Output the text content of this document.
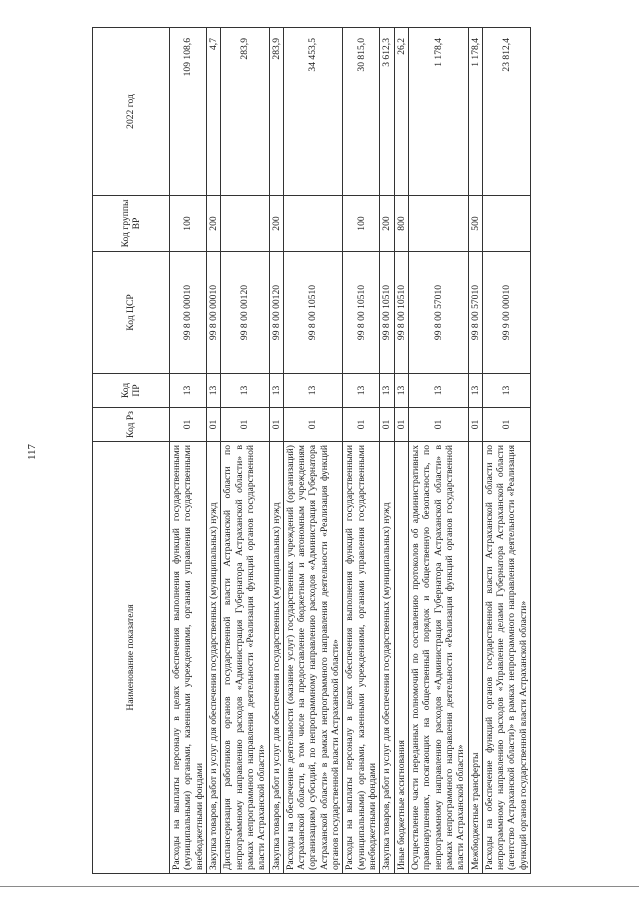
117
Наименование показателя	Код Рз	Код ПР	Код ЦСР	Код группы ВР	2022 год
Расходы на выплаты персоналу в целях обеспечения выполнения функций государственными (муниципальными) органами, казенными учреждениями, органами управления государственными внебюджетными фондами	01	13	99 8 00 00010	100	109 108,6
Закупка товаров, работ и услуг для обеспечения государственных (муниципальных) нужд	01	13	99 8 00 00010	200	4,7
Диспансеризация работников органов государственной власти Астраханской области по непрограммному направлению расходов «Администрация Губернатора Астраханской области» в рамках непрограммного направления деятельности «Реализация функций органов государственной власти Астраханской области»	01	13	99 8 00 00120		283,9
Закупка товаров, работ и услуг для обеспечения государственных (муниципальных) нужд	01	13	99 8 00 00120	200	283,9
Расходы на обеспечение деятельности (оказание услуг) государственных учреждений (организаций) Астраханской области, в том числе на предоставление бюджетным и автономным учреждениям (организациям) субсидий, по непрограммному направлению расходов «Администрация Губернатора Астраханской области» в рамках непрограммного направления деятельности «Реализация функций органов государственной власти Астраханской области»	01	13	99 8 00 10510		34 453,5
Расходы на выплаты персоналу в целях обеспечения выполнения функций государственными (муниципальными) органами, казенными учреждениями, органами управления государственными внебюджетными фондами	01	13	99 8 00 10510	100	30 815,0
Закупка товаров, работ и услуг для обеспечения государственных (муниципальных) нужд	01	13	99 8 00 10510	200	3 612,3
Иные бюджетные ассигнования	01	13	99 8 00 10510	800	26,2
Осуществление части переданных полномочий по составлению протоколов об административных правонарушениях, посягающих на общественный порядок и общественную безопасность, по непрограммному направлению расходов «Администрация Губернатора Астраханской области» в рамках непрограммного направления деятельности «Реализация функций органов государственной власти Астраханской области»	01	13	99 8 00 57010		1 178,4
Межбюджетные трансферты	01	13	99 8 00 57010	500	1 178,4
Расходы на обеспечение функций органов государственной власти Астраханской области по непрограммному направлению расходов «Управление делами Губернатора Астраханской области (агентство Астраханской области)» в рамках непрограммного направления деятельности «Реализация функций органов государственной власти Астраханской области»	01	13	99 9 00 00010		23 812,4
